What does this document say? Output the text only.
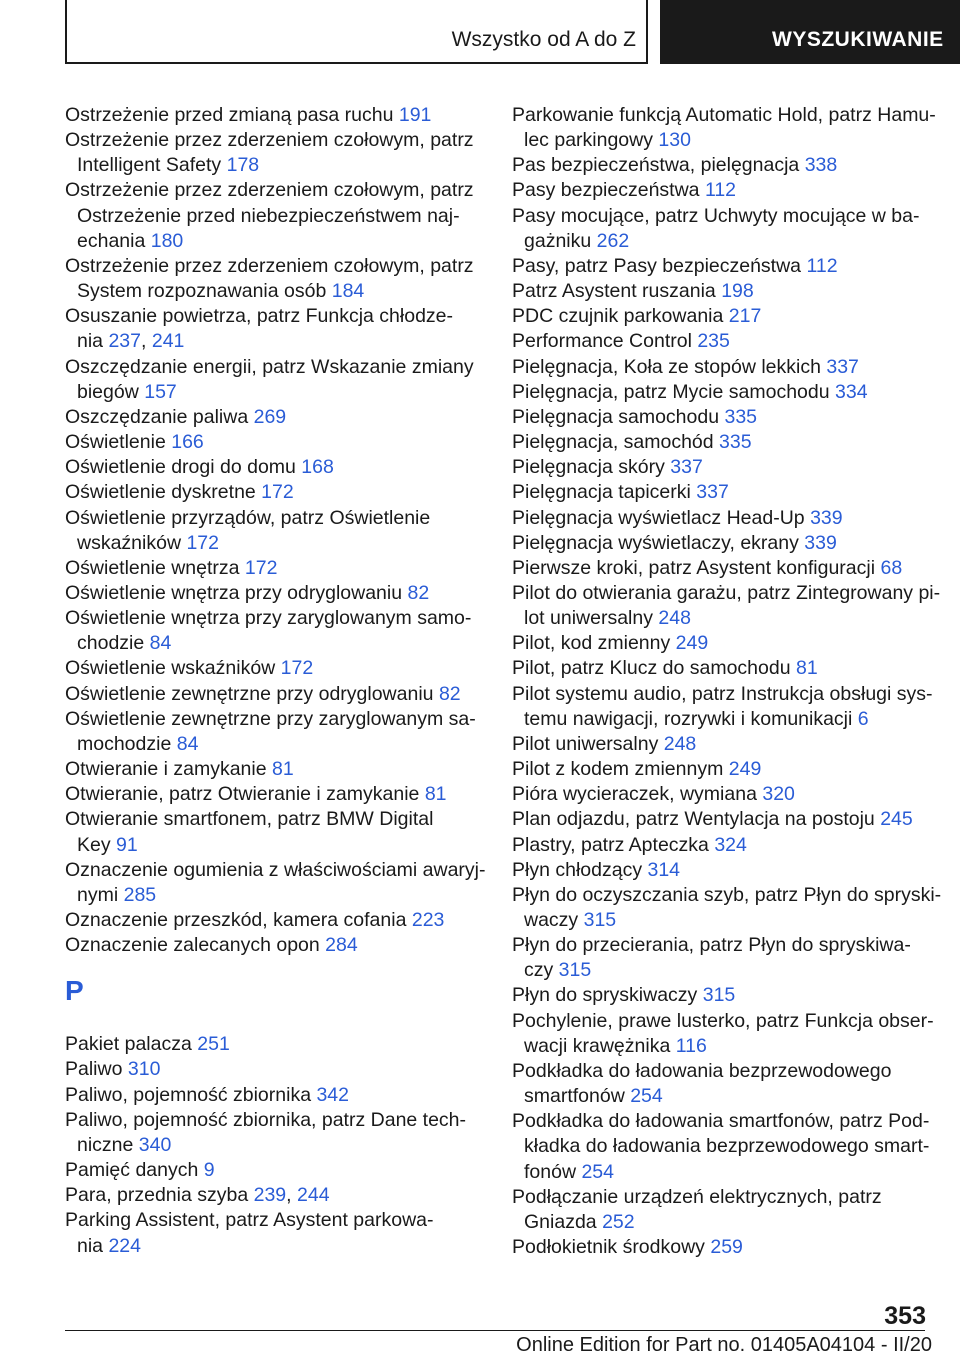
Wszystko od A do Z	WYSZUKIWANIE
Ostrzeżenie przed zmianą pasa ruchu 191
Ostrzeżenie przez zderzeniem czołowym, patrz
Intelligent Safety 178
Ostrzeżenie przez zderzeniem czołowym, patrz
Ostrzeżenie przed niebezpieczeństwem naj-
echania 180
Ostrzeżenie przez zderzeniem czołowym, patrz
System rozpoznawania osób 184
Osuszanie powietrza, patrz Funkcja chłodze-
nia 237, 241
Oszczędzanie energii, patrz Wskazanie zmiany
biegów 157
Oszczędzanie paliwa 269
Oświetlenie 166
Oświetlenie drogi do domu 168
Oświetlenie dyskretne 172
Oświetlenie przyrządów, patrz Oświetlenie
wskaźników 172
Oświetlenie wnętrza 172
Oświetlenie wnętrza przy odryglowaniu 82
Oświetlenie wnętrza przy zaryglowanym samo-
chodzie 84
Oświetlenie wskaźników 172
Oświetlenie zewnętrzne przy odryglowaniu 82
Oświetlenie zewnętrzne przy zaryglowanym sa-
mochodzie 84
Otwieranie i zamykanie 81
Otwieranie, patrz Otwieranie i zamykanie 81
Otwieranie smartfonem, patrz BMW Digital
Key 91
Oznaczenie ogumienia z właściwościami awaryj-
nymi 285
Oznaczenie przeszkód, kamera cofania 223
Oznaczenie zalecanych opon 284
P
Pakiet palacza 251
Paliwo 310
Paliwo, pojemność zbiornika 342
Paliwo, pojemność zbiornika, patrz Dane tech-
niczne 340
Pamięć danych 9
Para, przednia szyba 239, 244
Parking Assistent, patrz Asystent parkowa-
nia 224
Parkowanie funkcją Automatic Hold, patrz Hamu-
lec parkingowy 130
Pas bezpieczeństwa, pielęgnacja 338
Pasy bezpieczeństwa 112
Pasy mocujące, patrz Uchwyty mocujące w ba-
gażniku 262
Pasy, patrz Pasy bezpieczeństwa 112
Patrz Asystent ruszania 198
PDC czujnik parkowania 217
Performance Control 235
Pielęgnacja, Koła ze stopów lekkich 337
Pielęgnacja, patrz Mycie samochodu 334
Pielęgnacja samochodu 335
Pielęgnacja, samochód 335
Pielęgnacja skóry 337
Pielęgnacja tapicerki 337
Pielęgnacja wyświetlacz Head-Up 339
Pielęgnacja wyświetlaczy, ekrany 339
Pierwsze kroki, patrz Asystent konfiguracji 68
Pilot do otwierania garażu, patrz Zintegrowany pi-
lot uniwersalny 248
Pilot, kod zmienny 249
Pilot, patrz Klucz do samochodu 81
Pilot systemu audio, patrz Instrukcja obsługi sys-
temu nawigacji, rozrywki i komunikacji 6
Pilot uniwersalny 248
Pilot z kodem zmiennym 249
Pióra wycieraczek, wymiana 320
Plan odjazdu, patrz Wentylacja na postoju 245
Plastry, patrz Apteczka 324
Płyn chłodzący 314
Płyn do oczyszczania szyb, patrz Płyn do spryski-
waczy 315
Płyn do przecierania, patrz Płyn do spryskiwa-
czy 315
Płyn do spryskiwaczy 315
Pochylenie, prawe lusterko, patrz Funkcja obser-
wacji krawężnika 116
Podkładka do ładowania bezprzewodowego
smartfonów 254
Podkładka do ładowania smartfonów, patrz Pod-
kładka do ładowania bezprzewodowego smart-
fonów 254
Podłączanie urządzeń elektrycznych, patrz
Gniazda 252
Podłokietnik środkowy 259
353
Online Edition for Part no. 01405A04104 - II/20
